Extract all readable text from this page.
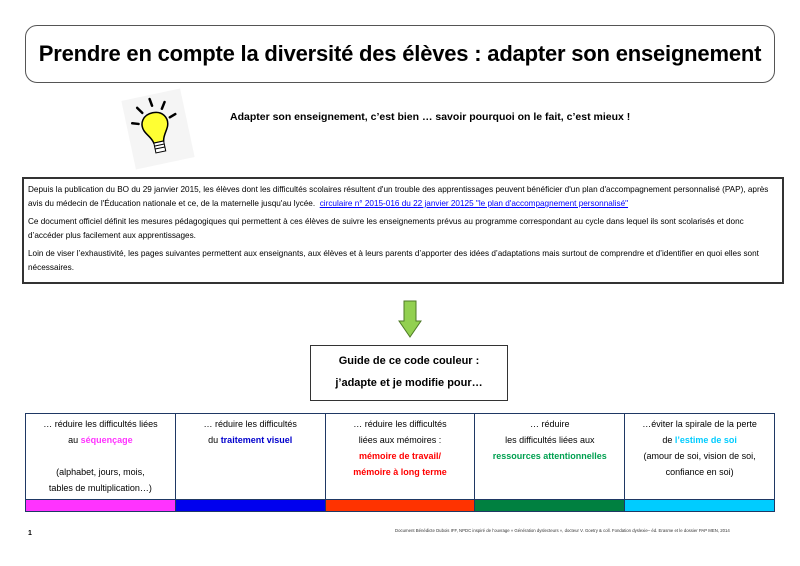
Prendre en compte la diversité des élèves : adapter son enseignement
Adapter son enseignement, c’est bien … savoir pourquoi on le fait, c’est mieux !

Depuis la publication du BO du 29 janvier 2015, les élèves dont les difficultés scolaires résultent d'un trouble des apprentissages peuvent bénéficier d'un plan d'accompagnement personnalisé (PAP), après avis du médecin de l'Éducation nationale et ce, de la maternelle jusqu'au lycée. circulaire n° 2015-016 du 22 janvier 20125 "le plan d'accompagnement personnalisé"

Ce document officiel définit les mesures pédagogiques qui permettent à ces élèves de suivre les enseignements prévus au programme correspondant au cycle dans lequel ils sont scolarisés et donc d’accéder plus facilement aux apprentissages.

Loin de viser l’exhaustivité, les pages suivantes permettent aux enseignants, aux élèves et à leurs parents d’apporter des idées d’adaptations mais surtout de comprendre et d’identifier en quoi elles sont nécessaires.

Guide de ce code couleur :
j’adapte et je modifie pour…
… réduire les difficultés liées
au séquençage
(alphabet, jours, mois,
tables de multiplication…)
… réduire les difficultés
du traitement visuel
… réduire les difficultés
liées aux mémoires :
mémoire de travail/
mémoire à long terme
… réduire
les difficultés liées aux
ressources attentionnelles
…éviter la spirale de la perte
de l’estime de soi
(amour de soi, vision de soi,
confiance en soi)
1	Document Bénédicte Dubois IFF, NPDC inspiré de l’ouvrage « Génération dyslecteurs », docteur V. Goetry & coll. Fondation dyslexie– éd. Erasme et le dossier PAP MEN, 2014
